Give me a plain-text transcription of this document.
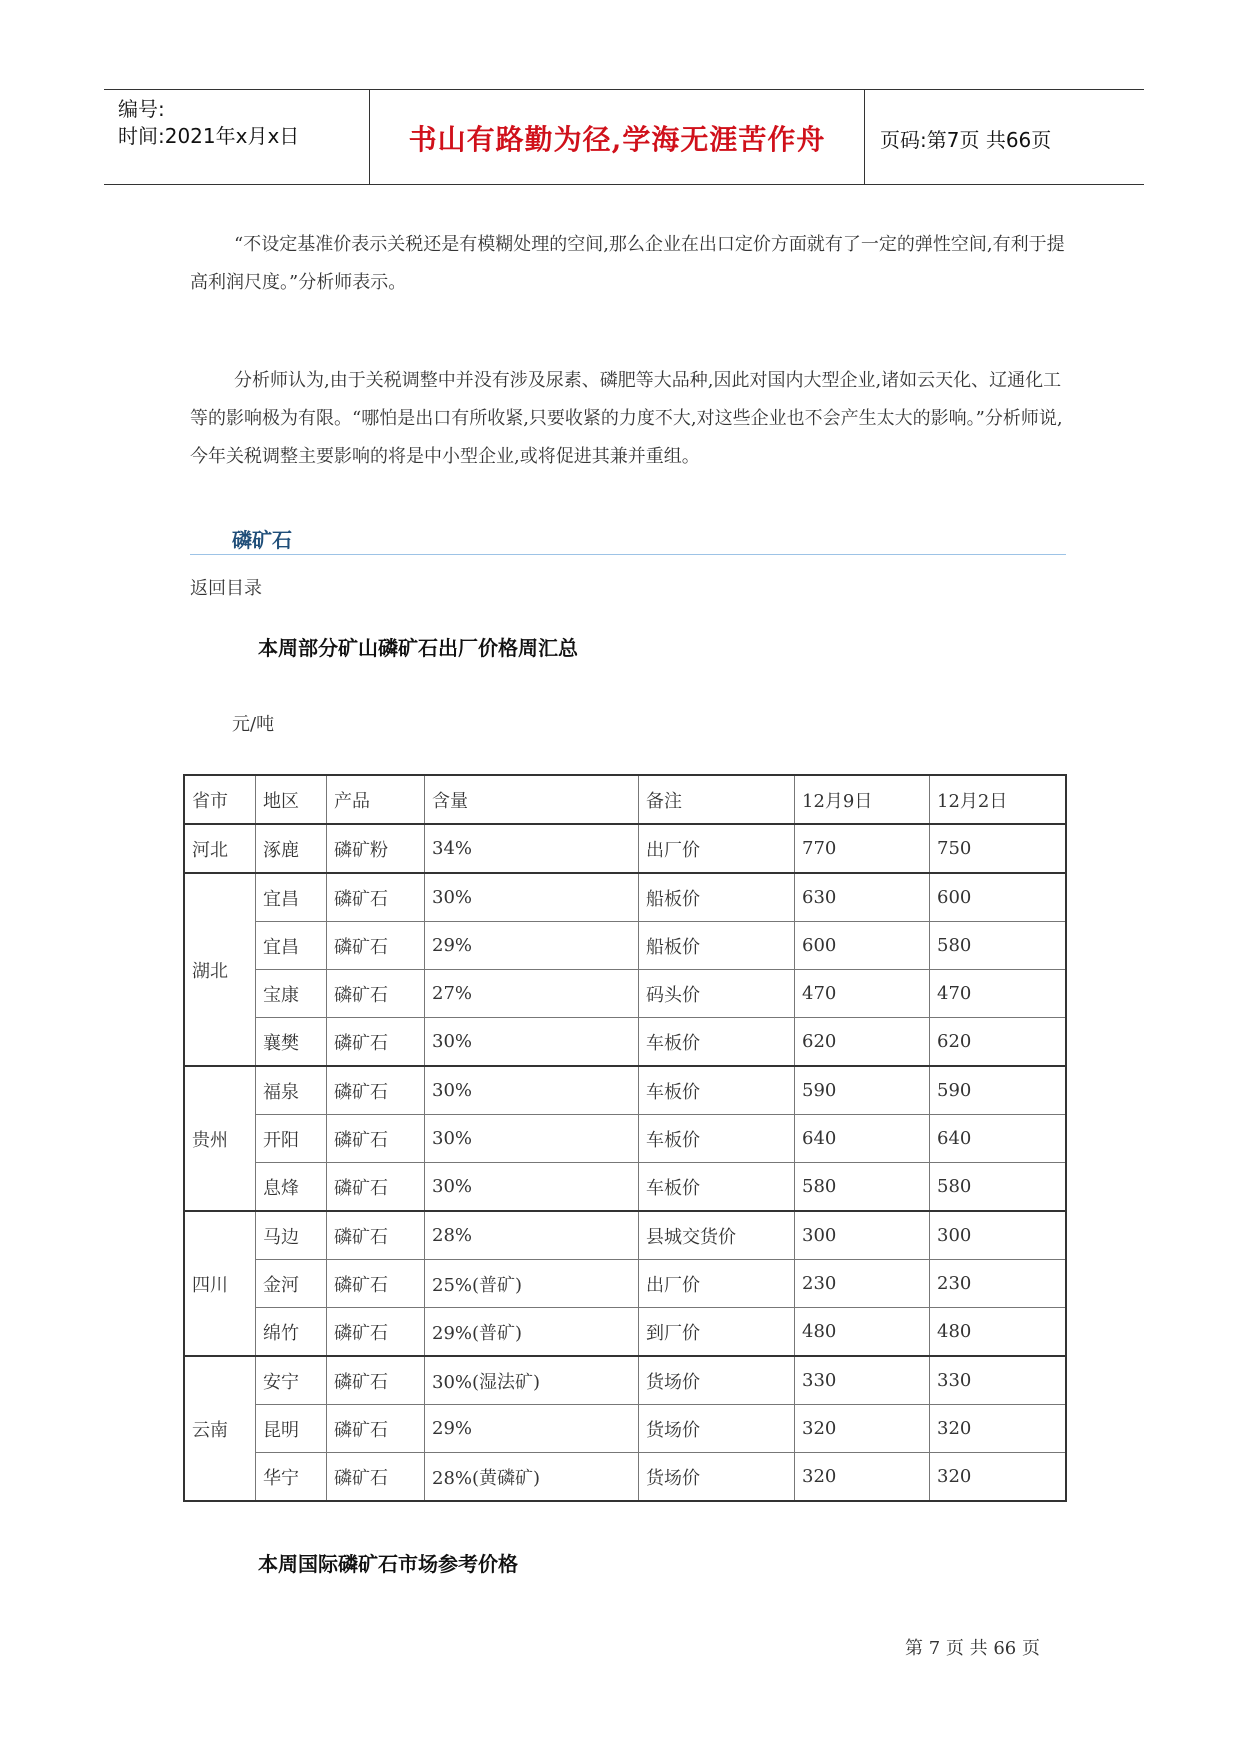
编号:
时间:2021年x月x日	书山有路勤为径,学海无涯苦作舟	页码:第7页 共66页
“不设定基准价表示关税还是有模糊处理的空间,那么企业在出口定价方面就有了一定的弹性空间,有利于提高利润尺度。”分析师表示。
分析师认为,由于关税调整中并没有涉及尿素、磷肥等大品种,因此对国内大型企业,诸如云天化、辽通化工等的影响极为有限。“哪怕是出口有所收紧,只要收紧的力度不大,对这些企业也不会产生太大的影响。”分析师说,今年关税调整主要影响的将是中小型企业,或将促进其兼并重组。
磷矿石
返回目录
本周部分矿山磷矿石出厂价格周汇总
元/吨
省市	地区	产品	含量	备注	12月9日	12月2日
河北	涿鹿	磷矿粉	34%	出厂价	770	750
湖北	宜昌	磷矿石	30%	船板价	630	600
	宜昌	磷矿石	29%	船板价	600	580
	宝康	磷矿石	27%	码头价	470	470
	襄樊	磷矿石	30%	车板价	620	620
贵州	福泉	磷矿石	30%	车板价	590	590
	开阳	磷矿石	30%	车板价	640	640
	息烽	磷矿石	30%	车板价	580	580
四川	马边	磷矿石	28%	县城交货价	300	300
	金河	磷矿石	25%(普矿)	出厂价	230	230
	绵竹	磷矿石	29%(普矿)	到厂价	480	480
云南	安宁	磷矿石	30%(湿法矿)	货场价	330	330
	昆明	磷矿石	29%	货场价	320	320
	华宁	磷矿石	28%(黄磷矿)	货场价	320	320
本周国际磷矿石市场参考价格
第 7 页 共 66 页
